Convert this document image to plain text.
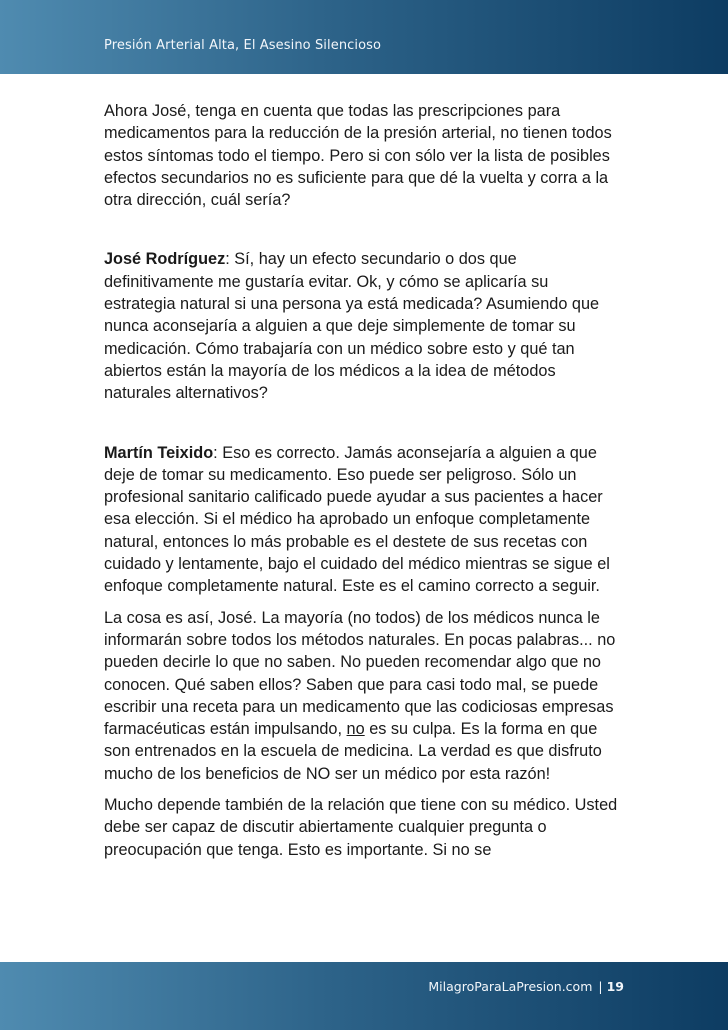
Presión Arterial Alta, El Asesino Silencioso

Ahora José, tenga en cuenta que todas las prescripciones para medicamentos para la reducción de la presión arterial, no tienen todos estos síntomas todo el tiempo. Pero si con sólo ver la lista de posibles efectos secundarios no es suficiente para que dé la vuelta y corra a la otra dirección, cuál sería?

José Rodríguez: Sí, hay un efecto secundario o dos que definitivamente me gustaría evitar. Ok, y cómo se aplicaría su estrategia natural si una persona ya está medicada? Asumiendo que nunca aconsejaría a alguien a que deje simplemente de tomar su medicación. Cómo trabajaría con un médico sobre esto y qué tan abiertos están la mayoría de los médicos a la idea de métodos naturales alternativos?

Martín Teixido: Eso es correcto. Jamás aconsejaría a alguien a que deje de tomar su medicamento. Eso puede ser peligroso. Sólo un profesional sanitario calificado puede ayudar a sus pacientes a hacer esa elección. Si el médico ha aprobado un enfoque completamente natural, entonces lo más probable es el destete de sus recetas con cuidado y lentamente, bajo el cuidado del médico mientras se sigue el enfoque completamente natural. Este es el camino correcto a seguir.

La cosa es así, José. La mayoría (no todos) de los médicos nunca le informarán sobre todos los métodos naturales. En pocas palabras... no pueden decirle lo que no saben. No pueden recomendar algo que no conocen. Qué saben ellos? Saben que para casi todo mal, se puede escribir una receta para un medicamento que las codiciosas empresas farmacéuticas están impulsando, no es su culpa. Es la forma en que son entrenados en la escuela de medicina. La verdad es que disfruto mucho de los beneficios de NO ser un médico por esta razón!

Mucho depende también de la relación que tiene con su médico. Usted debe ser capaz de discutir abiertamente cualquier pregunta o preocupación que tenga. Esto es importante. Si no se

MilagroParaLaPresion.com | 19
